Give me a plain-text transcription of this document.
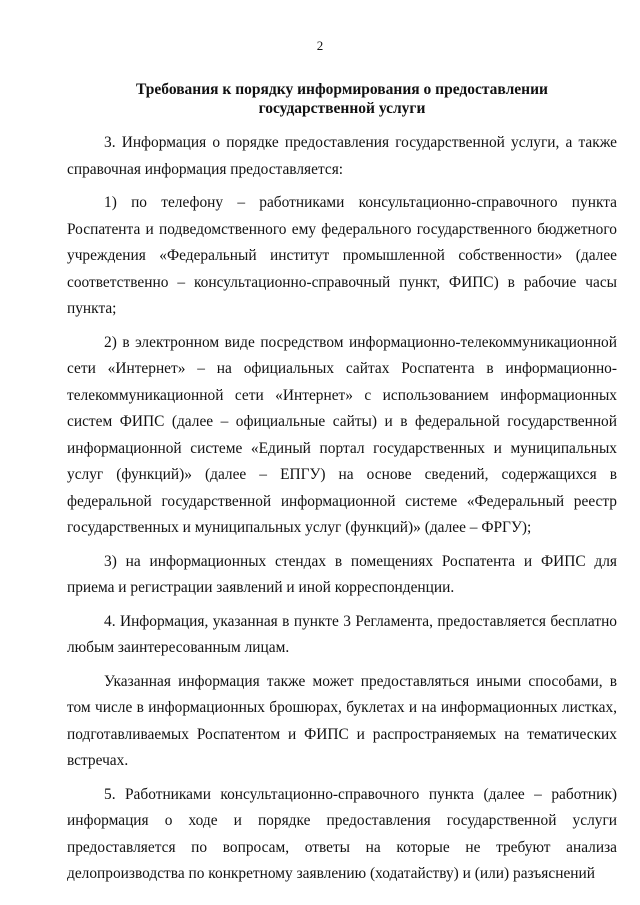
2
Требования к порядку информирования о предоставлении
государственной услуги

3. Информация о порядке предоставления государственной услуги, а также справочная информация предоставляется:

1) по телефону – работниками консультационно-справочного пункта Роспатента и подведомственного ему федерального государственного бюджетного учреждения «Федеральный институт промышленной собственности» (далее соответственно – консультационно-справочный пункт, ФИПС) в рабочие часы пункта;

2) в электронном виде посредством информационно-телекоммуникационной сети «Интернет» – на официальных сайтах Роспатента в информационно-телекоммуникационной сети «Интернет» с использованием информационных систем ФИПС (далее – официальные сайты) и в федеральной государственной информационной системе «Единый портал государственных и муниципальных услуг (функций)» (далее – ЕПГУ) на основе сведений, содержащихся в федеральной государственной информационной системе «Федеральный реестр государственных и муниципальных услуг (функций)» (далее – ФРГУ);

3) на информационных стендах в помещениях Роспатента и ФИПС для приема и регистрации заявлений и иной корреспонденции.

4. Информация, указанная в пункте 3 Регламента, предоставляется бесплатно любым заинтересованным лицам.

Указанная информация также может предоставляться иными способами, в том числе в информационных брошюрах, буклетах и на информационных листках, подготавливаемых Роспатентом и ФИПС и распространяемых на тематических встречах.

5. Работниками консультационно-справочного пункта (далее – работник) информация о ходе и порядке предоставления государственной услуги предоставляется по вопросам, ответы на которые не требуют анализа делопроизводства по конкретному заявлению (ходатайству) и (или) разъяснений
